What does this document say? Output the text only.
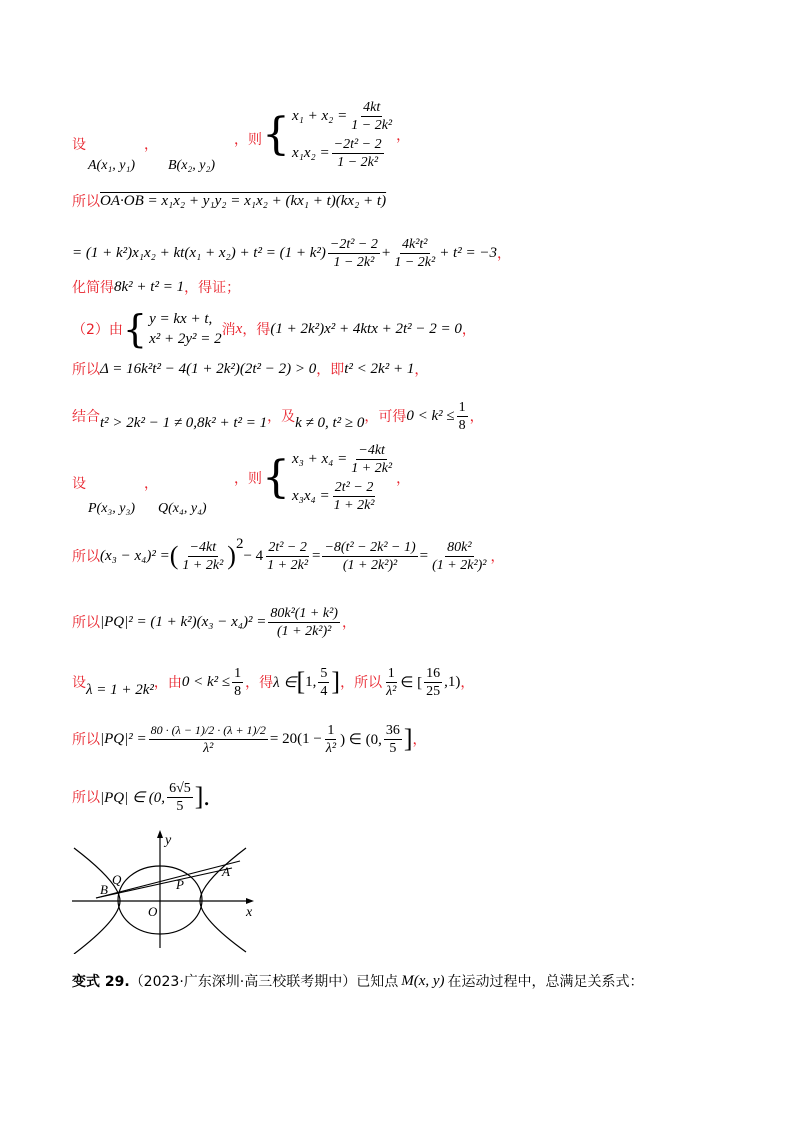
设	，
A(x₁, y₁) B(x₂, y₂)
，则 { $x_1 + x_2 = \frac{4kt}{\text{1 − 2k²}}$
$x_1x_2 = \frac{\text{−2t² − 2}}{\text{1 − 2k²}}$ ，
所以 OA·OB = x₁x₂ + y₁y₂ = x₁x₂ + (kx₁ + t)(kx₂ + t)
= $(1 + k^2)x_1x_2 + kt(x_1 + x_2) + t^2 = (1 + k^2) \frac{\text{−2t² − 2}}{\text{1 − 2k²}} + \frac{\text{4k²t²}}{\text{1 − 2k²}} + t^2 = -3$ ，
化简得 8k² + t² = 1 ，得证；
（2）由 { y = kx + t,
x² + 2y² = 2
消 x ，得 (1 + 2k²)x² + 4ktx + 2t² − 2 = 0 ，
所以 Δ = 16k²t² − 4(1 + 2k²)(2t² − 2) > 0 ，即 t² < 2k² + 1 ，
结合 t² > 2k² − 1 ≠ 0,8k² + t² = 1 ，及 k ≠ 0, t² ≥ 0 ，可得 $0 < k^2 \le \frac{1}{8}$ ，
设	，
P(x₃, y₃) Q(x₄, y₄)
，则 { $x_3 + x_4 = \frac{-4kt}{\text{1 + 2k²}}$
$x_3x_4 = \frac{\text{2t² − 2}}{\text{1 + 2k²}}$ ，
所以 (x₃ − x₄)² = ( $\frac{-4kt}{\text{1 + 2k²}}$ ) 2
− $4 \frac{\text{2t² − 2}}{\text{1 + 2k²}} = \frac{\text{−8(t² − 2k² − 1)}}{\text{(1 + 2k²)²}} = \frac{\text{80k²}}{\text{(1 + 2k²)²}}$ ，
所以 $|PQ|^2 = (1 + k^2)(x_3 - x_4)^2 = \frac{\text{80k²(1 + k²)}}{\text{(1 + 2k²)²}}$ ，
设 λ = 1 + 2k² ，由 $0 < k^2 \le \frac{1}{8}$ ，得 λ ∈ [ 1, $\frac{5}{4}$ ] ，所以 $\frac{1}{\text{λ²}}$ ∈ [ $\frac{16}{25} ,1$) ，
所以 $|PQ|^2 = \frac{80 \cdot (\lambda - 1)/2 \cdot (\lambda + 1)/2}{\text{λ²}} = 20(1 - \frac{1}{\text{λ²}}$ ) ∈ (0, $\frac{36}{5}$ ] ，
所以 |PQ| ∈ (0, $\frac{6√5}{5}$ ].
y
x
O
Q
B	P
A
变式 29. （2023·广东深圳·高三校联考期中）已知点 M(x, y) 在运动过程中，总满足关系式：
